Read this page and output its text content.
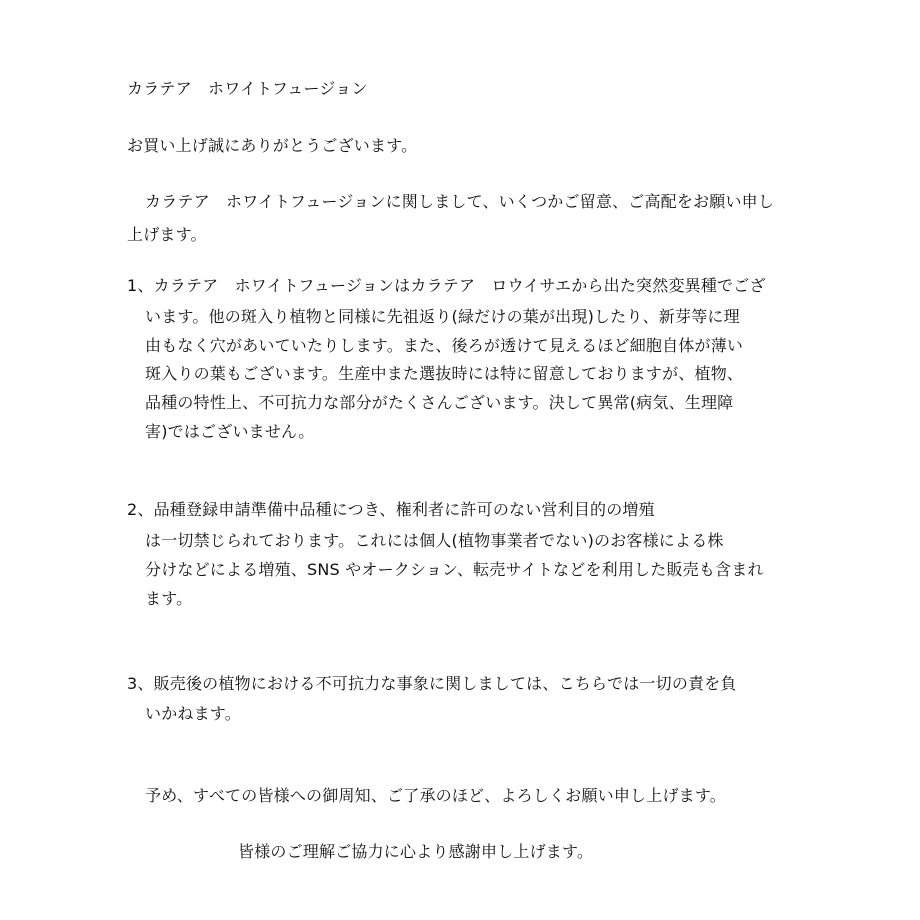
カラテア　ホワイトフュージョン
お買い上げ誠にありがとうございます。
カラテア　ホワイトフュージョンに関しまして、いくつかご留意、ご高配をお願い申し
上げます。
1、カラテア　ホワイトフュージョンはカラテア　ロウイサエから出た突然変異種でござ
います。他の斑入り植物と同様に先祖返り(緑だけの葉が出現)したり、新芽等に理
由もなく穴があいていたりします。また、後ろが透けて見えるほど細胞自体が薄い
斑入りの葉もございます。生産中また選抜時には特に留意しておりますが、植物、
品種の特性上、不可抗力な部分がたくさんございます。決して異常(病気、生理障
害)ではございません。
2、品種登録申請準備中品種につき、権利者に許可のない営利目的の増殖
は一切禁じられております。これには個人(植物事業者でない)のお客様による株
分けなどによる増殖、SNS やオークション、転売サイトなどを利用した販売も含まれ
ます。
3、販売後の植物における不可抗力な事象に関しましては、こちらでは一切の責を負
いかねます。
予め、すべての皆様への御周知、ご了承のほど、よろしくお願い申し上げます。
皆様のご理解ご協力に心より感謝申し上げます。
